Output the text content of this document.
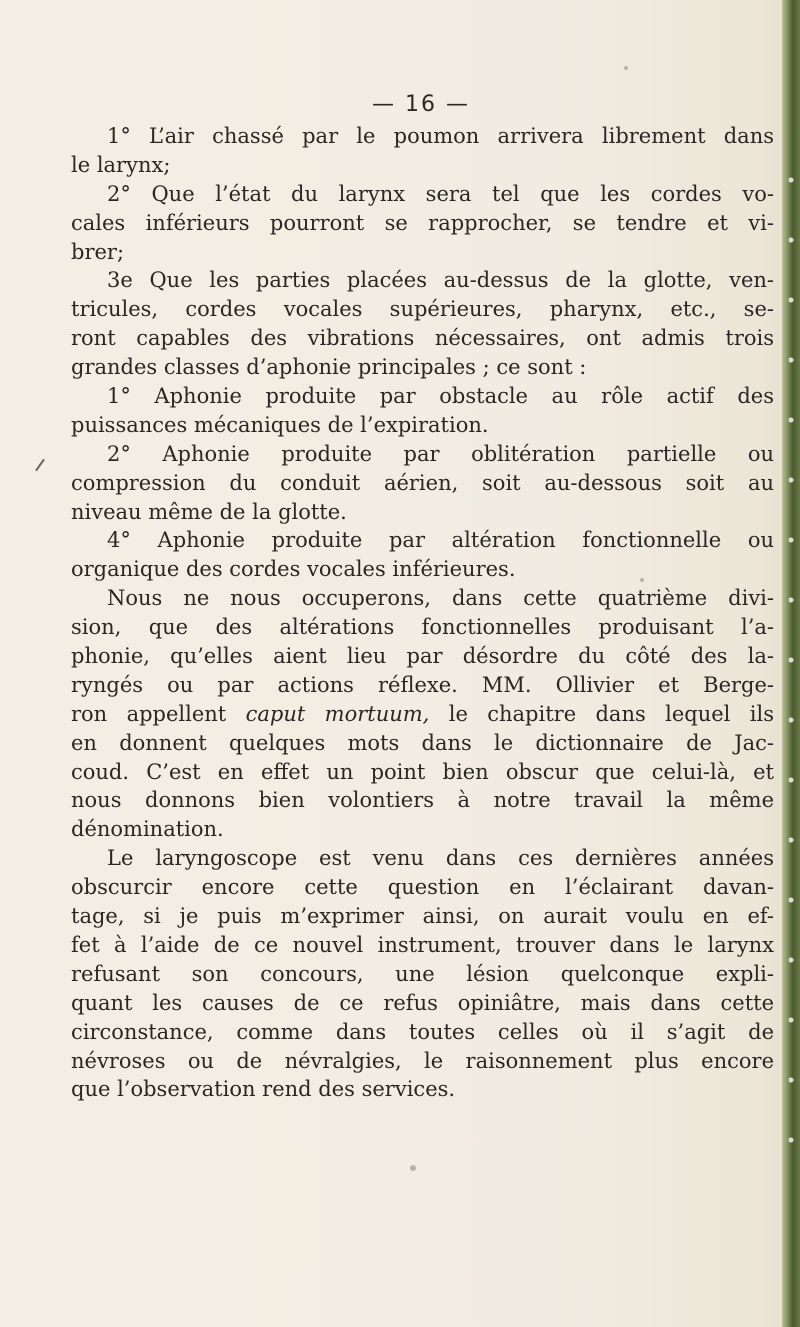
— 16 —
1° L’air chassé par le poumon arrivera librement dans
le larynx;
2° Que l’état du larynx sera tel que les cordes vo-
cales inférieurs pourront se rapprocher, se tendre et vi-
brer;
3e Que les parties placées au-dessus de la glotte, ven-
tricules, cordes vocales supérieures, pharynx, etc., se-
ront capables des vibrations nécessaires, ont admis trois
grandes classes d’aphonie principales ; ce sont :
1° Aphonie produite par obstacle au rôle actif des
puissances mécaniques de l’expiration.
2° Aphonie produite par oblitération partielle ou
compression du conduit aérien, soit au-dessous soit au
niveau même de la glotte.
4° Aphonie produite par altération fonctionnelle ou
organique des cordes vocales inférieures.
Nous ne nous occuperons, dans cette quatrième divi-
sion, que des altérations fonctionnelles produisant l’a-
phonie, qu’elles aient lieu par désordre du côté des la-
ryngés ou par actions réflexe. MM. Ollivier et Berge-
ron appellent caput mortuum, le chapitre dans lequel ils
en donnent quelques mots dans le dictionnaire de Jac-
coud. C’est en effet un point bien obscur que celui-là, et
nous donnons bien volontiers à notre travail la même
dénomination.
Le laryngoscope est venu dans ces dernières années
obscurcir encore cette question en l’éclairant davan-
tage, si je puis m’exprimer ainsi, on aurait voulu en ef-
fet à l’aide de ce nouvel instrument, trouver dans le larynx
refusant son concours, une lésion quelconque expli-
quant les causes de ce refus opiniâtre, mais dans cette
circonstance, comme dans toutes celles où il s’agit de
névroses ou de névralgies, le raisonnement plus encore
que l’observation rend des services.
